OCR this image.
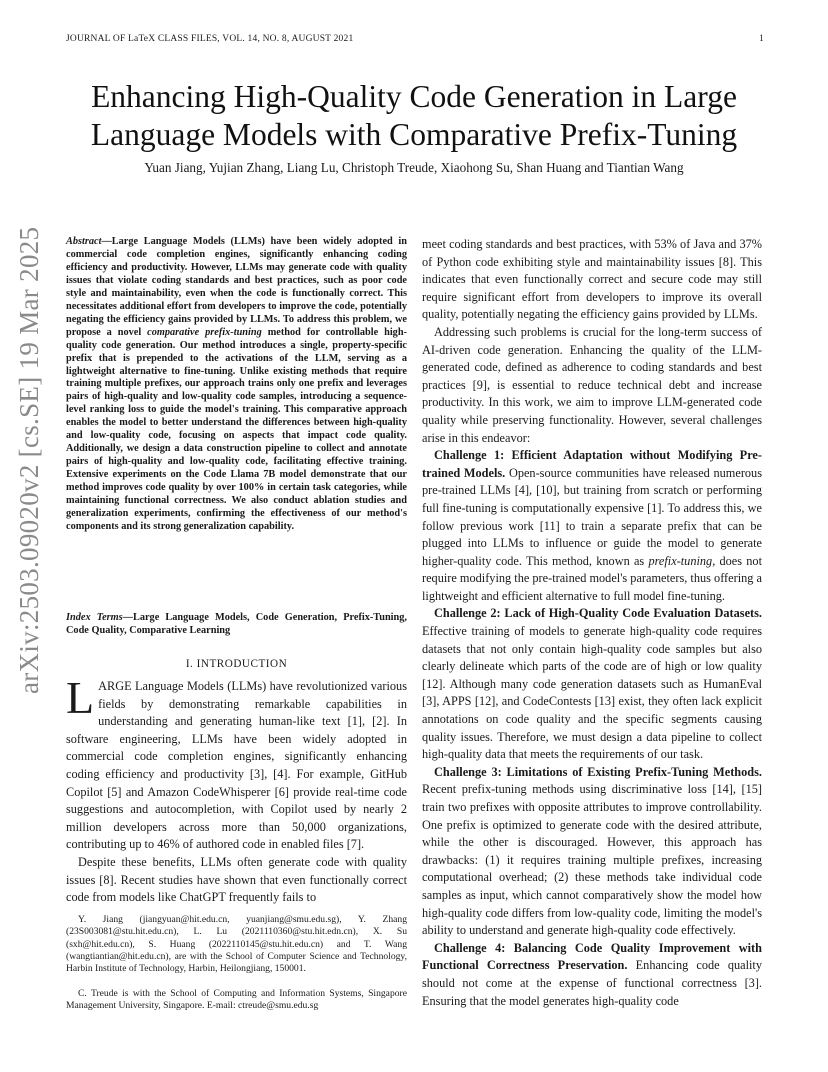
JOURNAL OF LaTeX CLASS FILES, VOL. 14, NO. 8, AUGUST 2021	1
arXiv:2503.09020v2 [cs.SE] 19 Mar 2025
Enhancing High-Quality Code Generation in Large Language Models with Comparative Prefix-Tuning
Yuan Jiang, Yujian Zhang, Liang Lu, Christoph Treude, Xiaohong Su, Shan Huang and Tiantian Wang
Abstract—Large Language Models (LLMs) have been widely adopted in commercial code completion engines, significantly enhancing coding efficiency and productivity. However, LLMs may generate code with quality issues that violate coding standards and best practices, such as poor code style and maintainability, even when the code is functionally correct. This necessitates additional effort from developers to improve the code, potentially negating the efficiency gains provided by LLMs. To address this problem, we propose a novel comparative prefix-tuning method for controllable high-quality code generation. Our method introduces a single, property-specific prefix that is prepended to the activations of the LLM, serving as a lightweight alternative to fine-tuning. Unlike existing methods that require training multiple prefixes, our approach trains only one prefix and leverages pairs of high-quality and low-quality code samples, introducing a sequence-level ranking loss to guide the model's training. This comparative approach enables the model to better understand the differences between high-quality and low-quality code, focusing on aspects that impact code quality. Additionally, we design a data construction pipeline to collect and annotate pairs of high-quality and low-quality code, facilitating effective training. Extensive experiments on the Code Llama 7B model demonstrate that our method improves code quality by over 100% in certain task categories, while maintaining functional correctness. We also conduct ablation studies and generalization experiments, confirming the effectiveness of our method's components and its strong generalization capability.
Index Terms—Large Language Models, Code Generation, Prefix-Tuning, Code Quality, Comparative Learning
I. INTRODUCTION

LARGE Language Models (LLMs) have revolutionized various fields by demonstrating remarkable capabilities in understanding and generating human-like text [1], [2]. In software engineering, LLMs have been widely adopted in commercial code completion engines, significantly enhancing coding efficiency and productivity [3], [4]. For example, GitHub Copilot [5] and Amazon CodeWhisperer [6] provide real-time code suggestions and autocompletion, with Copilot used by nearly 2 million developers across more than 50,000 organizations, contributing up to 46% of authored code in enabled files [7].

Despite these benefits, LLMs often generate code with quality issues [8]. Recent studies have shown that even functionally correct code from models like ChatGPT frequently fails to

Y. Jiang (jiangyuan@hit.edu.cn, yuanjiang@smu.edu.sg), Y. Zhang (23S003081@stu.hit.edu.cn), L. Lu (2021110360@stu.hit.edn.cn), X. Su (sxh@hit.edu.cn), S. Huang (2022110145@stu.hit.edu.cn) and T. Wang (wangtiantian@hit.edu.cn), are with the School of Computer Science and Technology, Harbin Institute of Technology, Harbin, Heilongjiang, 150001.

C. Treude is with the School of Computing and Information Systems, Singapore Management University, Singapore. E-mail: ctreude@smu.edu.sg

meet coding standards and best practices, with 53% of Java and 37% of Python code exhibiting style and maintainability issues [8]. This indicates that even functionally correct and secure code may still require significant effort from developers to improve its overall quality, potentially negating the efficiency gains provided by LLMs.

Addressing such problems is crucial for the long-term success of AI-driven code generation. Enhancing the quality of the LLM-generated code, defined as adherence to coding standards and best practices [9], is essential to reduce technical debt and increase productivity. In this work, we aim to improve LLM-generated code quality while preserving functionality. However, several challenges arise in this endeavor:

Challenge 1: Efficient Adaptation without Modifying Pre-trained Models. Open-source communities have released numerous pre-trained LLMs [4], [10], but training from scratch or performing full fine-tuning is computationally expensive [1]. To address this, we follow previous work [11] to train a separate prefix that can be plugged into LLMs to influence or guide the model to generate higher-quality code. This method, known as prefix-tuning, does not require modifying the pre-trained model's parameters, thus offering a lightweight and efficient alternative to full model fine-tuning.

Challenge 2: Lack of High-Quality Code Evaluation Datasets. Effective training of models to generate high-quality code requires datasets that not only contain high-quality code samples but also clearly delineate which parts of the code are of high or low quality [12]. Although many code generation datasets such as HumanEval [3], APPS [12], and CodeContests [13] exist, they often lack explicit annotations on code quality and the specific segments causing quality issues. Therefore, we must design a data pipeline to collect high-quality data that meets the requirements of our task.

Challenge 3: Limitations of Existing Prefix-Tuning Methods. Recent prefix-tuning methods using discriminative loss [14], [15] train two prefixes with opposite attributes to improve controllability. One prefix is optimized to generate code with the desired attribute, while the other is discouraged. However, this approach has drawbacks: (1) it requires training multiple prefixes, increasing computational overhead; (2) these methods take individual code samples as input, which cannot comparatively show the model how high-quality code differs from low-quality code, limiting the model's ability to understand and generate high-quality code effectively.

Challenge 4: Balancing Code Quality Improvement with Functional Correctness Preservation. Enhancing code quality should not come at the expense of functional correctness [3]. Ensuring that the model generates high-quality code
